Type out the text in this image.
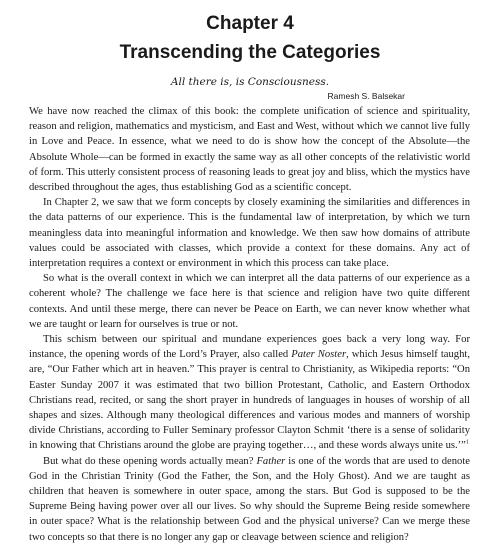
Chapter 4
Transcending the Categories
All there is, is Consciousness.
Ramesh S. Balsekar

We have now reached the climax of this book: the complete unification of science and spirituality, reason and religion, mathematics and mysticism, and East and West, without which we cannot live fully in Love and Peace. In essence, what we need to do is show how the concept of the Absolute—the Absolute Whole—can be formed in exactly the same way as all other concepts of the relativistic world of form. This utterly consistent process of reasoning leads to great joy and bliss, which the mystics have described throughout the ages, thus establishing God as a scientific concept.

In Chapter 2, we saw that we form concepts by closely examining the similarities and differences in the data patterns of our experience. This is the fundamental law of interpretation, by which we turn meaningless data into meaningful information and knowledge. We then saw how domains of attribute values could be associated with classes, which provide a context for these domains. Any act of interpretation requires a context or environment in which this process can take place.

So what is the overall context in which we can interpret all the data patterns of our experience as a coherent whole? The challenge we face here is that science and religion have two quite different contexts. And until these merge, there can never be Peace on Earth, we can never know whether what we are taught or learn for ourselves is true or not.

This schism between our spiritual and mundane experiences goes back a very long way. For instance, the opening words of the Lord’s Prayer, also called Pater Noster, which Jesus himself taught, are, “Our Father which art in heaven.” This prayer is central to Christianity, as Wikipedia reports: “On Easter Sunday 2007 it was estimated that two billion Protestant, Catholic, and Eastern Orthodox Christians read, recited, or sang the short prayer in hundreds of languages in houses of worship of all shapes and sizes. Although many theological differences and various modes and manners of worship divide Christians, according to Fuller Seminary professor Clayton Schmit ‘there is a sense of solidarity in knowing that Christians around the globe are praying together…, and these words always unite us.’”$^1$

But what do these opening words actually mean? Father is one of the words that are used to denote God in the Christian Trinity (God the Father, the Son, and the Holy Ghost). And we are taught as children that heaven is somewhere in outer space, among the stars. But God is supposed to be the Supreme Being having power over all our lives. So why should the Supreme Being reside somewhere in outer space? What is the relationship between God and the physical universe? Can we merge these two concepts so that there is no longer any gap or cleavage between science and religion?
